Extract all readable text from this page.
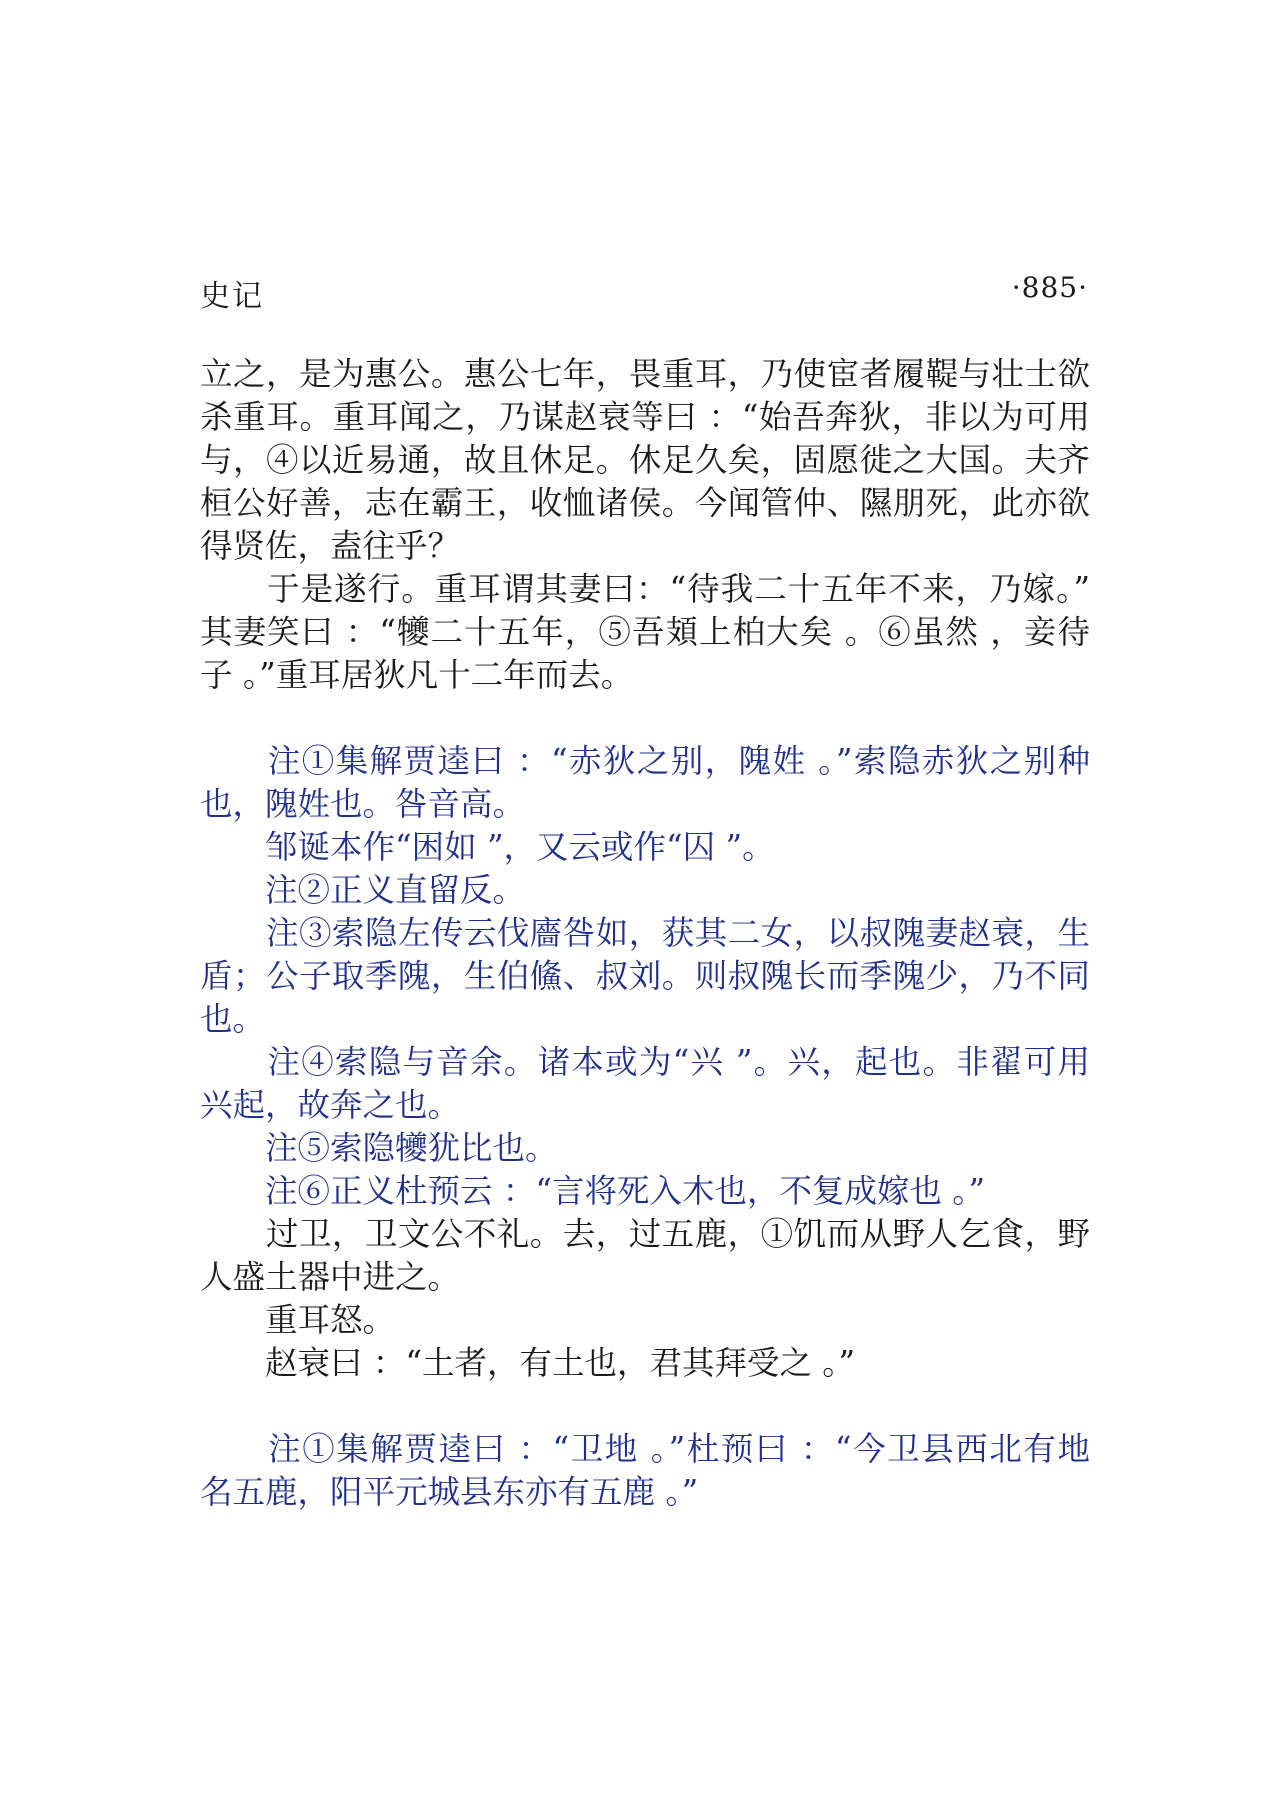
史记	·885·
立之，是为惠公。惠公七年，畏重耳，乃使宦者履鞮与壮士欲
杀重耳。重耳闻之，乃谋赵衰等曰 ：“始吾奔狄，非以为可用
与，④以近易通，故且休足。休足久矣，固愿徙之大国。夫齐
桓公好善，志在霸王，收恤诸侯。今闻管仲、隰朋死，此亦欲
得贤佐，盍往乎？
　　于是遂行。重耳谓其妻曰：“待我二十五年不来，乃嫁。”
其妻笑曰 ：“犪二十五年，⑤吾頍上柏大矣 。⑥虽然 ，妾待
子 。”重耳居狄凡十二年而去。
　　注①集解贾逵曰 ：“赤狄之别，隗姓 。”索隐赤狄之别种
也，隗姓也。咎音高。
　　邹诞本作“困如 ”，又云或作“囚 ”。
　　注②正义直留反。
　　注③索隐左传云伐廧咎如，获其二女，以叔隗妻赵衰，生
盾；公子取季隗，生伯鯈、叔刘。则叔隗长而季隗少，乃不同
也。
　　注④索隐与音余。诸本或为“兴 ”。兴，起也。非翟可用
兴起，故奔之也。
　　注⑤索隐犪犹比也。
　　注⑥正义杜预云 ：“言将死入木也，不复成嫁也 。”
　　过卫，卫文公不礼。去，过五鹿，①饥而从野人乞食，野
人盛土器中进之。
　　重耳怒。
　　赵衰曰 ：“土者，有土也，君其拜受之 。”
　　注①集解贾逵曰 ：“卫地 。”杜预曰 ：“今卫县西北有地
名五鹿，阳平元城县东亦有五鹿 。”
